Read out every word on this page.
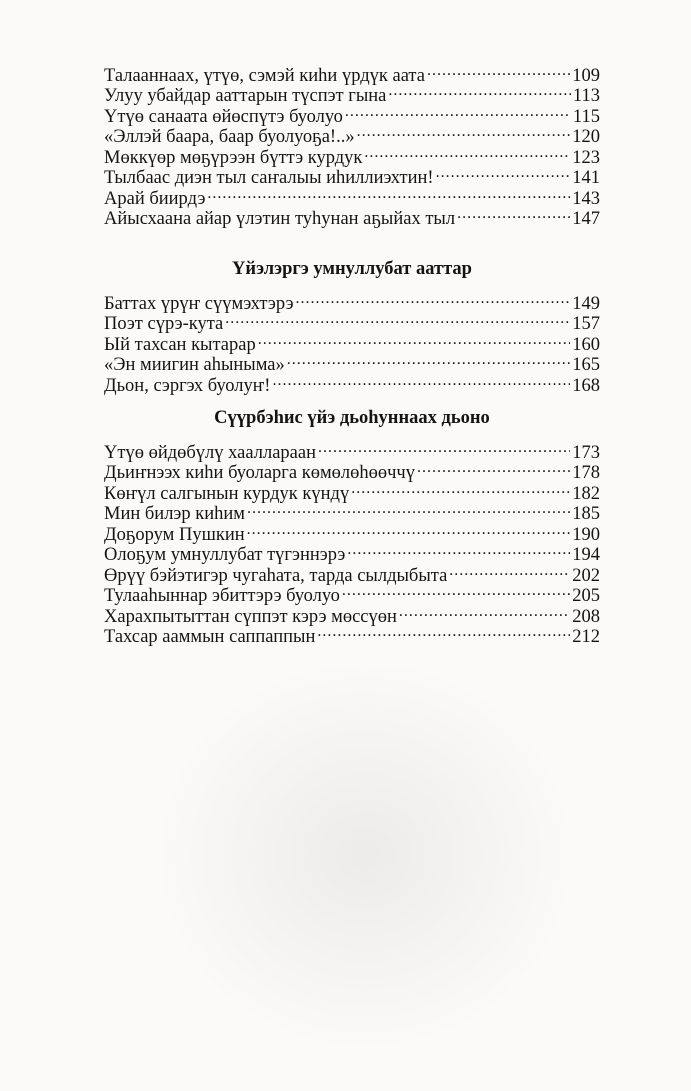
Талааннаах, үтүө, сэмэй киһи үрдүк аата .....	109
Улуу убайдар ааттарын түспэт гына .....	113
Үтүө санаата өйөспүтэ буолуо .....	115
«Эллэй баара, баар буолуоҕа!..» .....	120
Мөккүөр мөҕүрээн бүттэ курдук .....	123
Тылбаас диэн тыл саҥалыы иһиллиэхтин! .....	141
Арай биирдэ .....	143
Айысхаана айар үлэтин туһунан аҕыйах тыл .....	147
Үйэлэргэ умнуллубат ааттар
Баттах үрүҥ сүүмэхтэрэ .....	149
Поэт сүрэ-кута .....	157
Ый тахсан кытарар .....	160
«Эн миигин аһыныма» .....	165
Дьон, сэргэх буолуҥ! .....	168
Сүүрбэһис үйэ дьоһуннаах дьоно
Үтүө өйдөбүлү хааллараан .....	173
Дьиҥнээх киһи буоларга көмөлөһөөччү .....	178
Көҥүл салгынын курдук күндү .....	182
Мин билэр киһим .....	185
Доҕорум Пушкин .....	190
Олоҕум умнуллубат түгэннэрэ .....	194
Өрүү бэйэтигэр чугаһата, тарда сылдыбыта .....	202
Тулааһыннар эбиттэрэ буолуо .....	205
Харахпытыттан сүппэт кэрэ мөссүөн .....	208
Тахсар ааммын саппаппын .....	212
